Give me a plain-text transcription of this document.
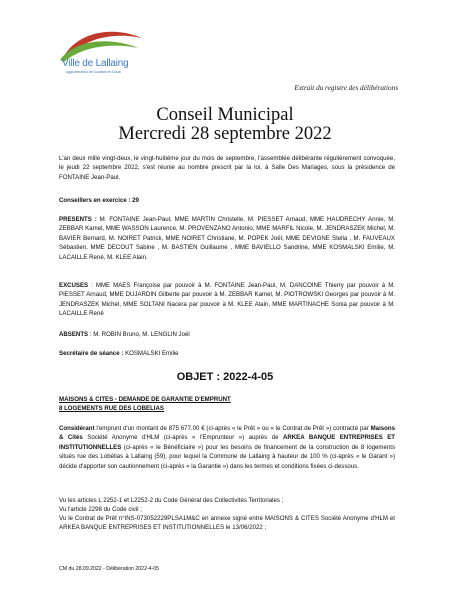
Ville de Lallaing
Agglomération de Douaisis en Douai
Extrait du registre des délibérations
Conseil Municipal
Mercredi 28 septembre 2022

L'an deux mille vingt-deux, le vingt-huitième jour du mois de septembre, l'assemblée délibérante régulièrement convoquée, le jeudi 22 septembre 2022, s'est réunie au nombre prescrit par la loi, à Salle Des Mariages, sous la présidence de FONTAINE Jean-Paul.

Conseillers en exercice : 29

PRESENTS : M. FONTAINE Jean-Paul, MME MARTIN Christelle, M. PIESSET Arnaud, MME HAUDRECHY Annie, M. ZEBBAR Kamel, MME WASSON Laurence, M. PROVENZANO Antonio, MME MARFIL Nicole, M. JENDRASZEK Michel, M. BAVIER Bernard, M. NOIRET Patrick, MME NOIRET Christiane, M. POPEK Joël, MME DEVIGNE Stella , M. FAUVEAUX Sébastien, MME DECOUT Sabine , M. BASTIEN Guillaume , MME BAVIELLO Sandrine, MME KOSMALSKI Emilie, M. LACAILLE René, M. KLEE Alain.

EXCUSES : MME MAES Françoise par pouvoir à M. FONTAINE Jean-Paul, M. DANCOINE Thierry par pouvoir à M. PIESSET Arnaud, MME DUJARDIN Gilberte par pouvoir à M. ZEBBAR Kamel, M. PIOTROWSKI Georges par pouvoir à M. JENDRASZEK Michel, MME SOLTANI Nacera par pouvoir à M. KLEE Alain, MME MARTINACHE Sonia par pouvoir à M. LACAILLE René

ABSENTS : M. ROBIN Bruno, M. LENGLIN Joël

Secrétaire de séance : KOSMALSKI Emilie

OBJET : 2022-4-05
MAISONS & CITES - DEMANDE DE GARANTIE D'EMPRUNT
8 LOGEMENTS RUE DES LOBELIAS

Considérant l'emprunt d'un montant de 875 677.00 € (ci-après « le Prêt » ou « le Contrat de Prêt ») contracté par Maisons & Cités Société Anonyme d'HLM (ci-après « l'Emprunteur ») auprès de ARKEA BANQUE ENTREPRISES ET INSTITUTIONNELLES (ci-après « le Bénéficiaire ») pour les besoins de financement de la construction de 8 logements situés rue des Lobélias à Lallaing (59), pour lequel la Commune de Lallaing à hauteur de 100 % (ci-après « le Garant ») décide d'apporter son cautionnement (ci-après « la Garantie ») dans les termes et conditions fixées ci-dessous.

Vu les articles L 2252-1 et L2252-2 du Code Général des Collectivités Territoriales ;

Vu l'article 2298 du Code civil ;

Vu le Contrat de Prêt n°INS-073052229PLSA1M&C en annexe signé entre MAISONS & CITES Société Anonyme d'HLM et ARKEA BANQUE ENTREPRISES ET INSTITUTIONNELLES le 13/06/2022 ;

CM du 28.09.2022 - Délibération 2022-4-05
